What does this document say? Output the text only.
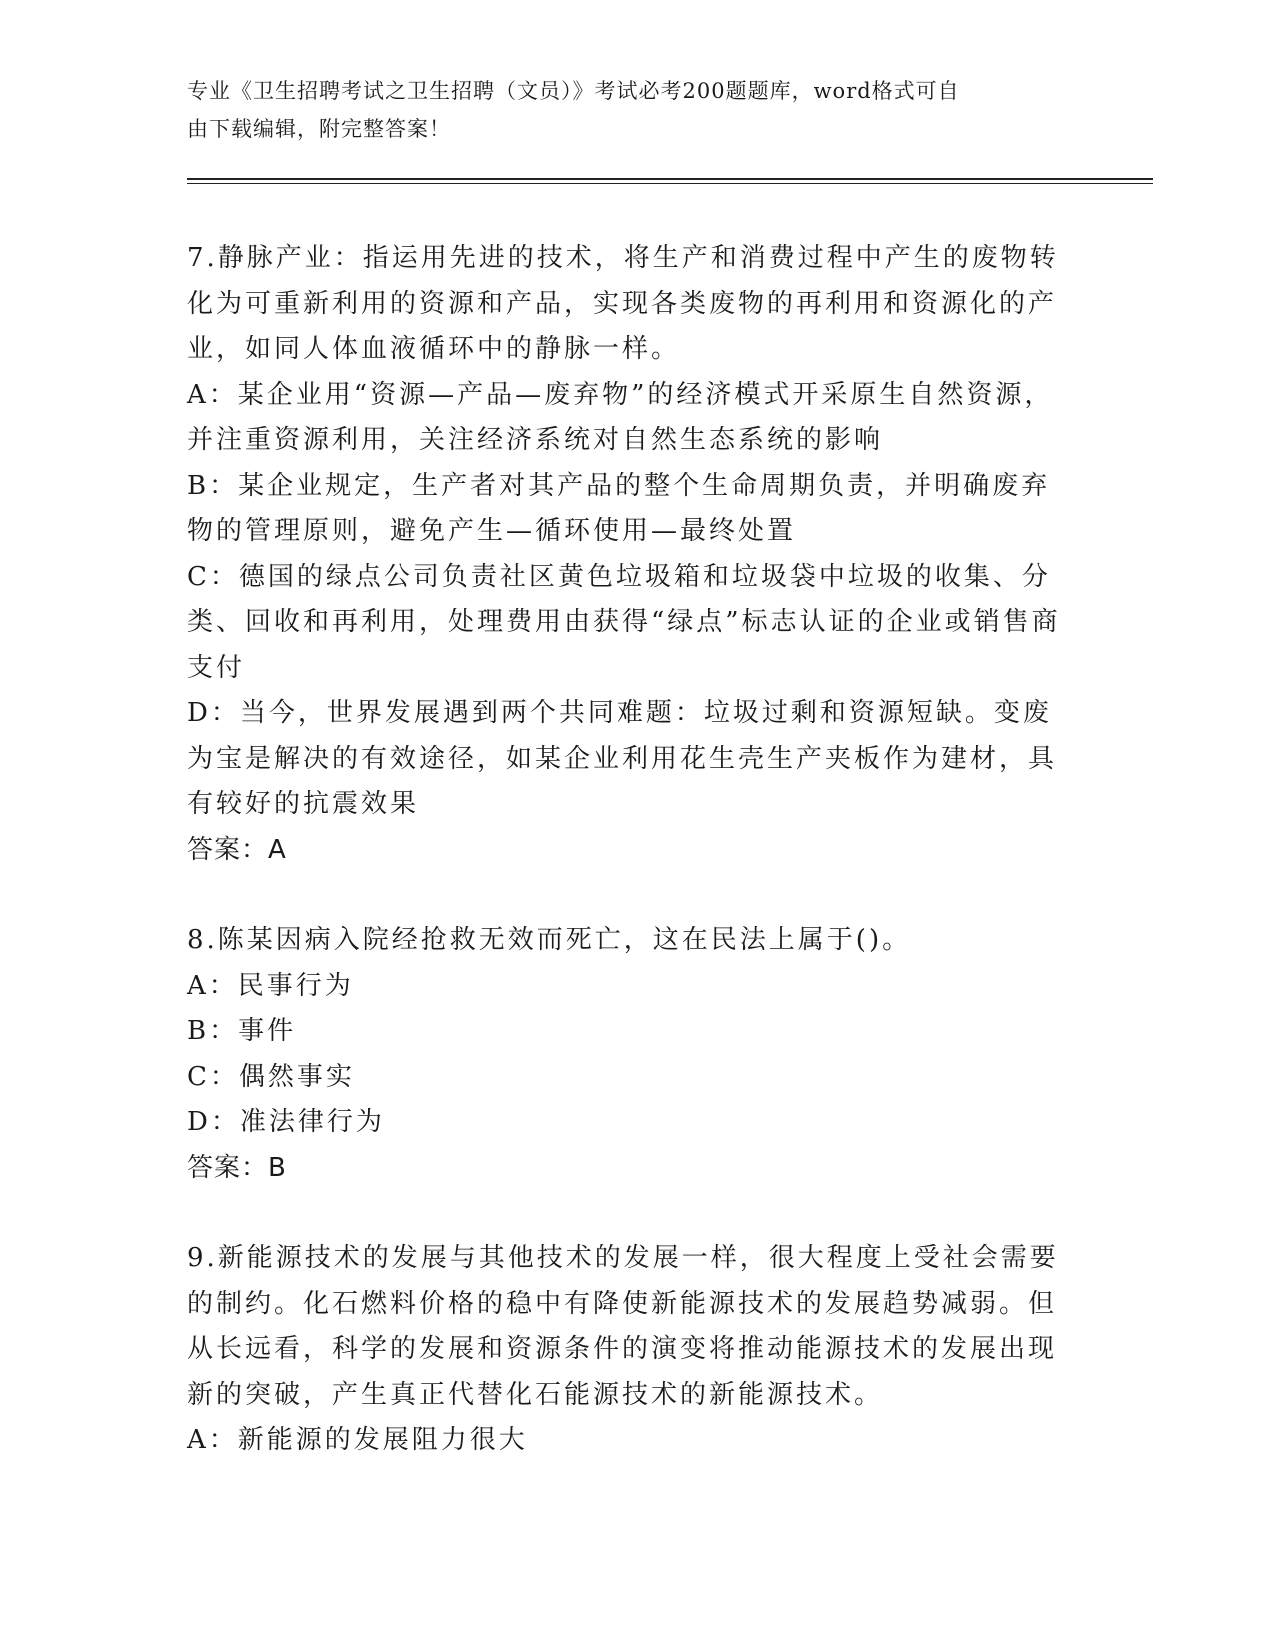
专业《卫生招聘考试之卫生招聘（文员）》考试必考200题题库，word格式可自
由下载编辑，附完整答案！
7.静脉产业：指运用先进的技术，将生产和消费过程中产生的废物转化为可重新利用的资源和产品，实现各类废物的再利用和资源化的产业，如同人体血液循环中的静脉一样。
A：某企业用“资源—产品—废弃物”的经济模式开采原生自然资源，并注重资源利用，关注经济系统对自然生态系统的影响
B：某企业规定，生产者对其产品的整个生命周期负责，并明确废弃物的管理原则，避免产生—循环使用—最终处置
C：德国的绿点公司负责社区黄色垃圾箱和垃圾袋中垃圾的收集、分类、回收和再利用，处理费用由获得“绿点”标志认证的企业或销售商支付
D：当今，世界发展遇到两个共同难题：垃圾过剩和资源短缺。变废为宝是解决的有效途径，如某企业利用花生壳生产夹板作为建材，具有较好的抗震效果
答案：A
8.陈某因病入院经抢救无效而死亡，这在民法上属于()。
A：民事行为
B：事件
C：偶然事实
D：准法律行为
答案：B
9.新能源技术的发展与其他技术的发展一样，很大程度上受社会需要的制约。化石燃料价格的稳中有降使新能源技术的发展趋势减弱。但从长远看，科学的发展和资源条件的演变将推动能源技术的发展出现新的突破，产生真正代替化石能源技术的新能源技术。
A：新能源的发展阻力很大
